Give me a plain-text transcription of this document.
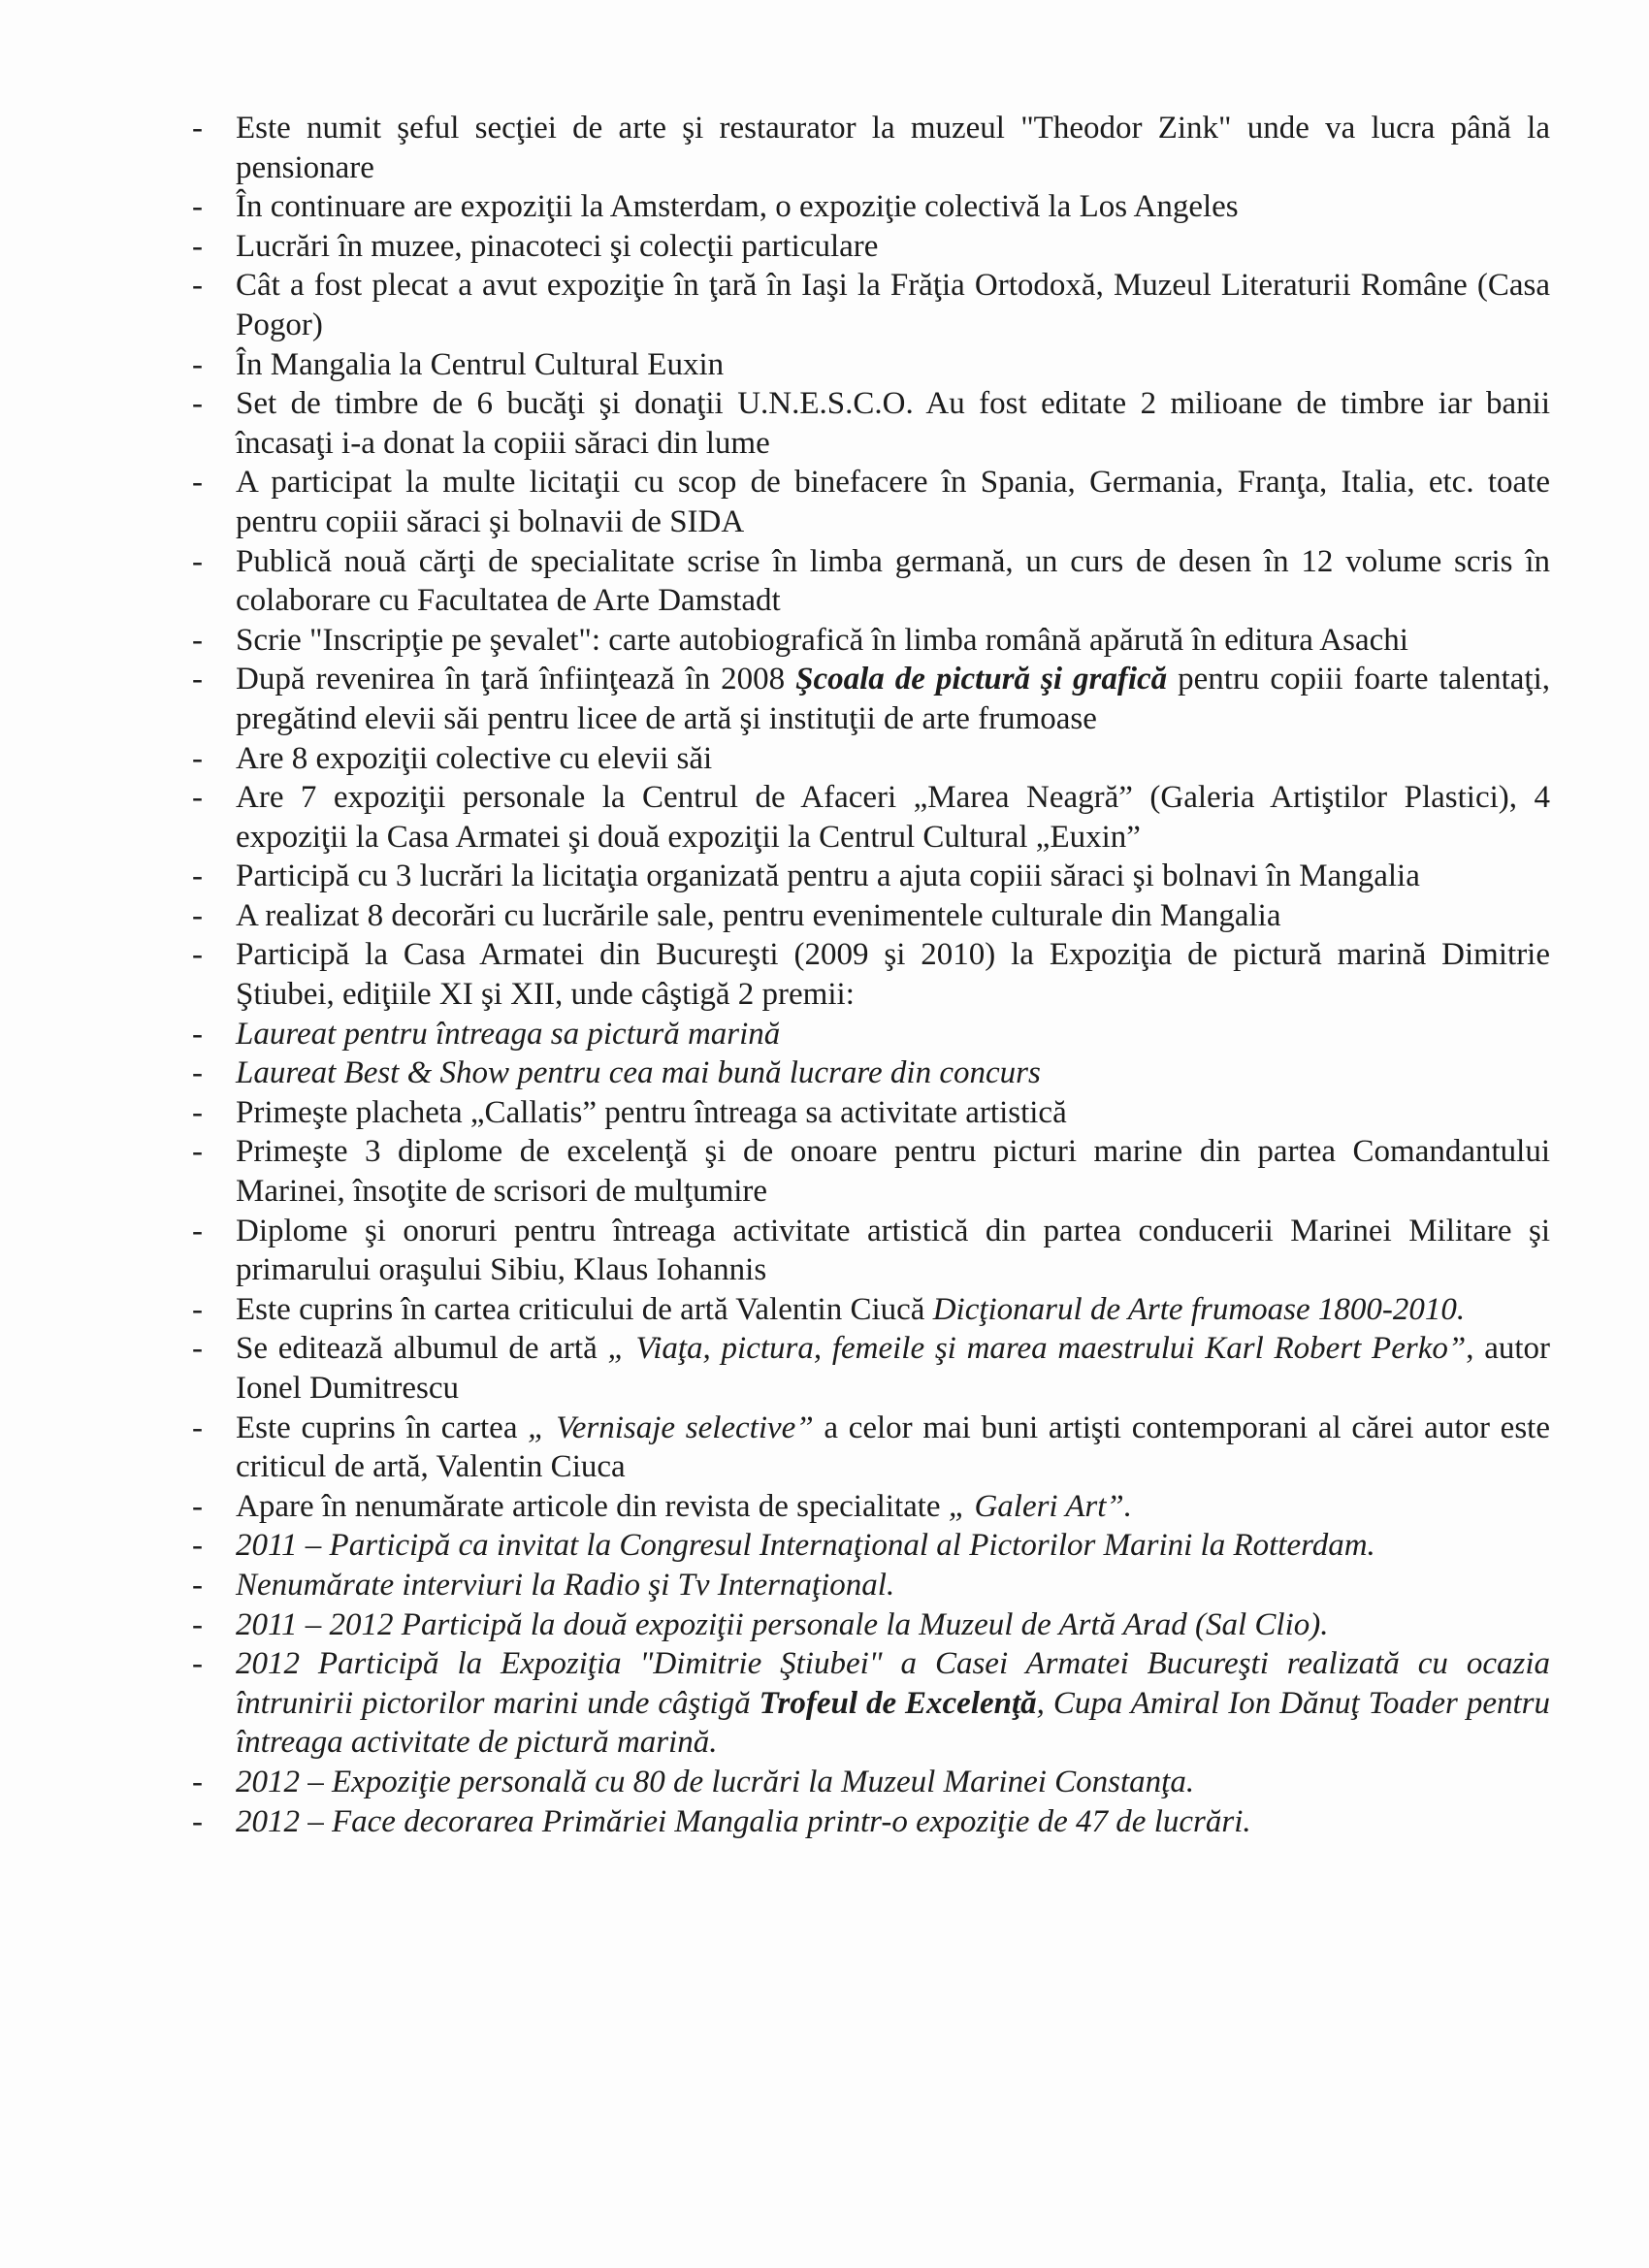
- Este numit şeful secţiei de arte şi restaurator la muzeul "Theodor Zink" unde va lucra până la pensionare
- În continuare are expoziţii la Amsterdam, o expoziţie colectivă la Los Angeles
- Lucrări în muzee, pinacoteci şi colecţii particulare
- Cât a fost plecat a avut expoziţie în ţară în Iaşi la Frăţia Ortodoxă, Muzeul Literaturii Române (Casa Pogor)
- În Mangalia la Centrul Cultural Euxin
- Set de timbre de 6 bucăţi şi donaţii U.N.E.S.C.O. Au fost editate 2 milioane de timbre iar banii încasaţi i-a donat la copiii săraci din lume
- A participat la multe licitaţii cu scop de binefacere în Spania, Germania, Franţa, Italia, etc. toate pentru copiii săraci şi bolnavii de SIDA
- Publică nouă cărţi de specialitate scrise în limba germană, un curs de desen în 12 volume scris în colaborare cu Facultatea de Arte Damstadt
- Scrie "Inscripţie pe şevalet": carte autobiografică în limba română apărută în editura Asachi
- După revenirea în ţară înfiinţează în 2008 Şcoala de pictură şi grafică pentru copiii foarte talentaţi, pregătind elevii săi pentru licee de artă şi instituţii de arte frumoase
- Are 8 expoziţii colective cu elevii săi
- Are 7 expoziţii personale la Centrul de Afaceri „Marea Neagră” (Galeria Artiştilor Plastici), 4 expoziţii la Casa Armatei şi două expoziţii la Centrul Cultural „Euxin”
- Participă cu 3 lucrări la licitaţia organizată pentru a ajuta copiii săraci şi bolnavi în Mangalia
- A realizat 8 decorări cu lucrările sale, pentru evenimentele culturale din Mangalia
- Participă la Casa Armatei din Bucureşti (2009 şi 2010) la Expoziţia de pictură marină Dimitrie Ştiubei, ediţiile XI şi XII, unde câştigă 2 premii:
- Laureat pentru întreaga sa pictură marină
- Laureat Best & Show pentru cea mai bună lucrare din concurs
- Primeşte placheta „Callatis” pentru întreaga sa activitate artistică
- Primeşte 3 diplome de excelenţă şi de onoare pentru picturi marine din partea Comandantului Marinei, însoţite de scrisori de mulţumire
- Diplome şi onoruri pentru întreaga activitate artistică din partea conducerii Marinei Militare şi primarului oraşului Sibiu, Klaus Iohannis
- Este cuprins în cartea criticului de artă Valentin Ciucă Dicţionarul de Arte frumoase 1800-2010.
- Se editează albumul de artă „ Viaţa, pictura, femeile şi marea maestrului Karl Robert Perko”, autor Ionel Dumitrescu
- Este cuprins în cartea „ Vernisaje selective” a celor mai buni artişti contemporani al cărei autor este criticul de artă, Valentin Ciuca
- Apare în nenumărate articole din revista de specialitate „ Galeri Art”.
- 2011 – Participă ca invitat la Congresul Internaţional al Pictorilor Marini la Rotterdam.
- Nenumărate interviuri la Radio şi Tv Internaţional.
- 2011 – 2012 Participă la două expoziţii personale la Muzeul de Artă Arad (Sal Clio).
- 2012 Participă la Expoziţia "Dimitrie Ştiubei" a Casei Armatei Bucureşti realizată cu ocazia întrunirii pictorilor marini unde câştigă Trofeul de Excelenţă, Cupa Amiral Ion Dănuţ Toader pentru întreaga activitate de pictură marină.
- 2012 – Expoziţie personală cu 80 de lucrări la Muzeul Marinei Constanţa.
- 2012 – Face decorarea Primăriei Mangalia printr-o expoziţie de 47 de lucrări.
